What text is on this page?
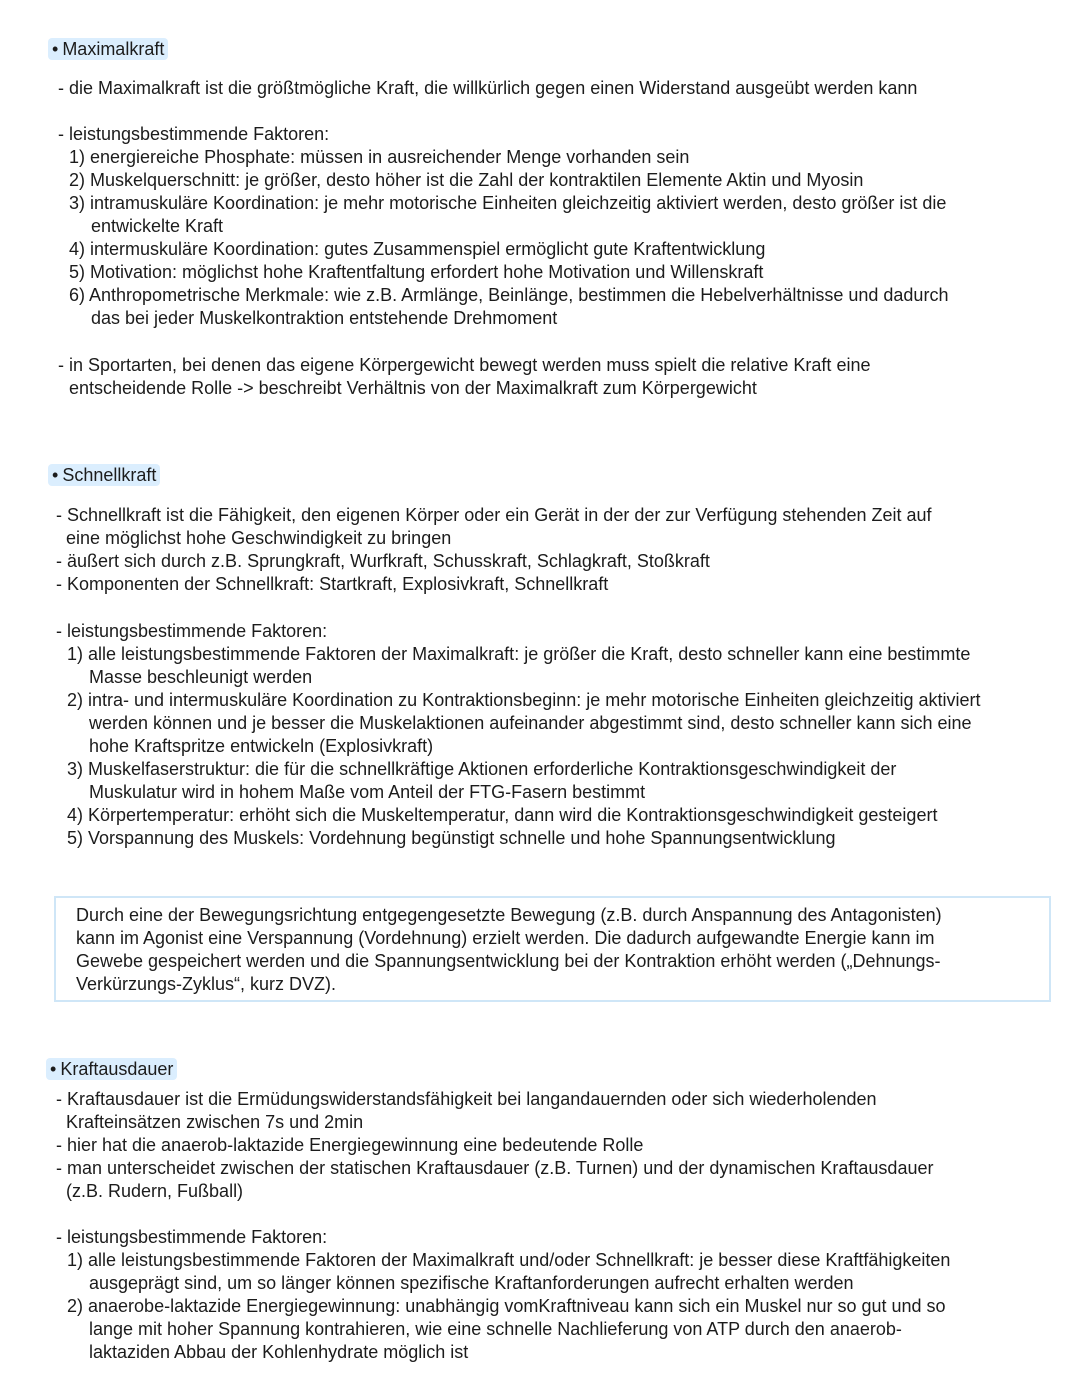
• Maximalkraft
- die Maximalkraft ist die größtmögliche Kraft, die willkürlich gegen einen Widerstand ausgeübt werden kann
- leistungsbestimmende Faktoren:
1) energiereiche Phosphate: müssen in ausreichender Menge vorhanden sein
2) Muskelquerschnitt: je größer, desto höher ist die Zahl der kontraktilen Elemente Aktin und Myosin
3) intramuskuläre Koordination: je mehr motorische Einheiten gleichzeitig aktiviert werden, desto größer ist die
entwickelte Kraft
4) intermuskuläre Koordination: gutes Zusammenspiel ermöglicht gute Kraftentwicklung
5) Motivation: möglichst hohe Kraftentfaltung erfordert hohe Motivation und Willenskraft
6) Anthropometrische Merkmale: wie z.B. Armlänge, Beinlänge, bestimmen die Hebelverhältnisse und dadurch
das bei jeder Muskelkontraktion entstehende Drehmoment
- in Sportarten, bei denen das eigene Körpergewicht bewegt werden muss spielt die relative Kraft eine
entscheidende Rolle -> beschreibt Verhältnis von der Maximalkraft zum Körpergewicht
• Schnellkraft
- Schnellkraft ist die Fähigkeit, den eigenen Körper oder ein Gerät in der der zur Verfügung stehenden Zeit auf
eine möglichst hohe Geschwindigkeit zu bringen
- äußert sich durch z.B. Sprungkraft, Wurfkraft, Schusskraft, Schlagkraft, Stoßkraft
- Komponenten der Schnellkraft: Startkraft, Explosivkraft, Schnellkraft
- leistungsbestimmende Faktoren:
1) alle leistungsbestimmende Faktoren der Maximalkraft: je größer die Kraft, desto schneller kann eine bestimmte
Masse beschleunigt werden
2) intra- und intermuskuläre Koordination zu Kontraktionsbeginn: je mehr motorische Einheiten gleichzeitig aktiviert
werden können und je besser die Muskelaktionen aufeinander abgestimmt sind, desto schneller kann sich eine
hohe Kraftspritze entwickeln (Explosivkraft)
3) Muskelfaserstruktur: die für die schnellkräftige Aktionen erforderliche Kontraktionsgeschwindigkeit der
Muskulatur wird in hohem Maße vom Anteil der FTG-Fasern bestimmt
4) Körpertemperatur: erhöht sich die Muskeltemperatur, dann wird die Kontraktionsgeschwindigkeit gesteigert
5) Vorspannung des Muskels: Vordehnung begünstigt schnelle und hohe Spannungsentwicklung
Durch eine der Bewegungsrichtung entgegengesetzte Bewegung (z.B. durch Anspannung des Antagonisten)
kann im Agonist eine Verspannung (Vordehnung) erzielt werden. Die dadurch aufgewandte Energie kann im
Gewebe gespeichert werden und die Spannungsentwicklung bei der Kontraktion erhöht werden („Dehnungs-
Verkürzungs-Zyklus“, kurz DVZ).
• Kraftausdauer
- Kraftausdauer ist die Ermüdungswiderstandsfähigkeit bei langandauernden oder sich wiederholenden
Krafteinsätzen zwischen 7s und 2min
- hier hat die anaerob-laktazide Energiegewinnung eine bedeutende Rolle
- man unterscheidet zwischen der statischen Kraftausdauer (z.B. Turnen) und der dynamischen Kraftausdauer
(z.B. Rudern, Fußball)
- leistungsbestimmende Faktoren:
1) alle leistungsbestimmende Faktoren der Maximalkraft und/oder Schnellkraft: je besser diese Kraftfähigkeiten
ausgeprägt sind, um so länger können spezifische Kraftanforderungen aufrecht erhalten werden
2) anaerobe-laktazide Energiegewinnung: unabhängig vomKraftniveau kann sich ein Muskel nur so gut und so
lange mit hoher Spannung kontrahieren, wie eine schnelle Nachlieferung von ATP durch den anaerob-
laktaziden Abbau der Kohlenhydrate möglich ist
